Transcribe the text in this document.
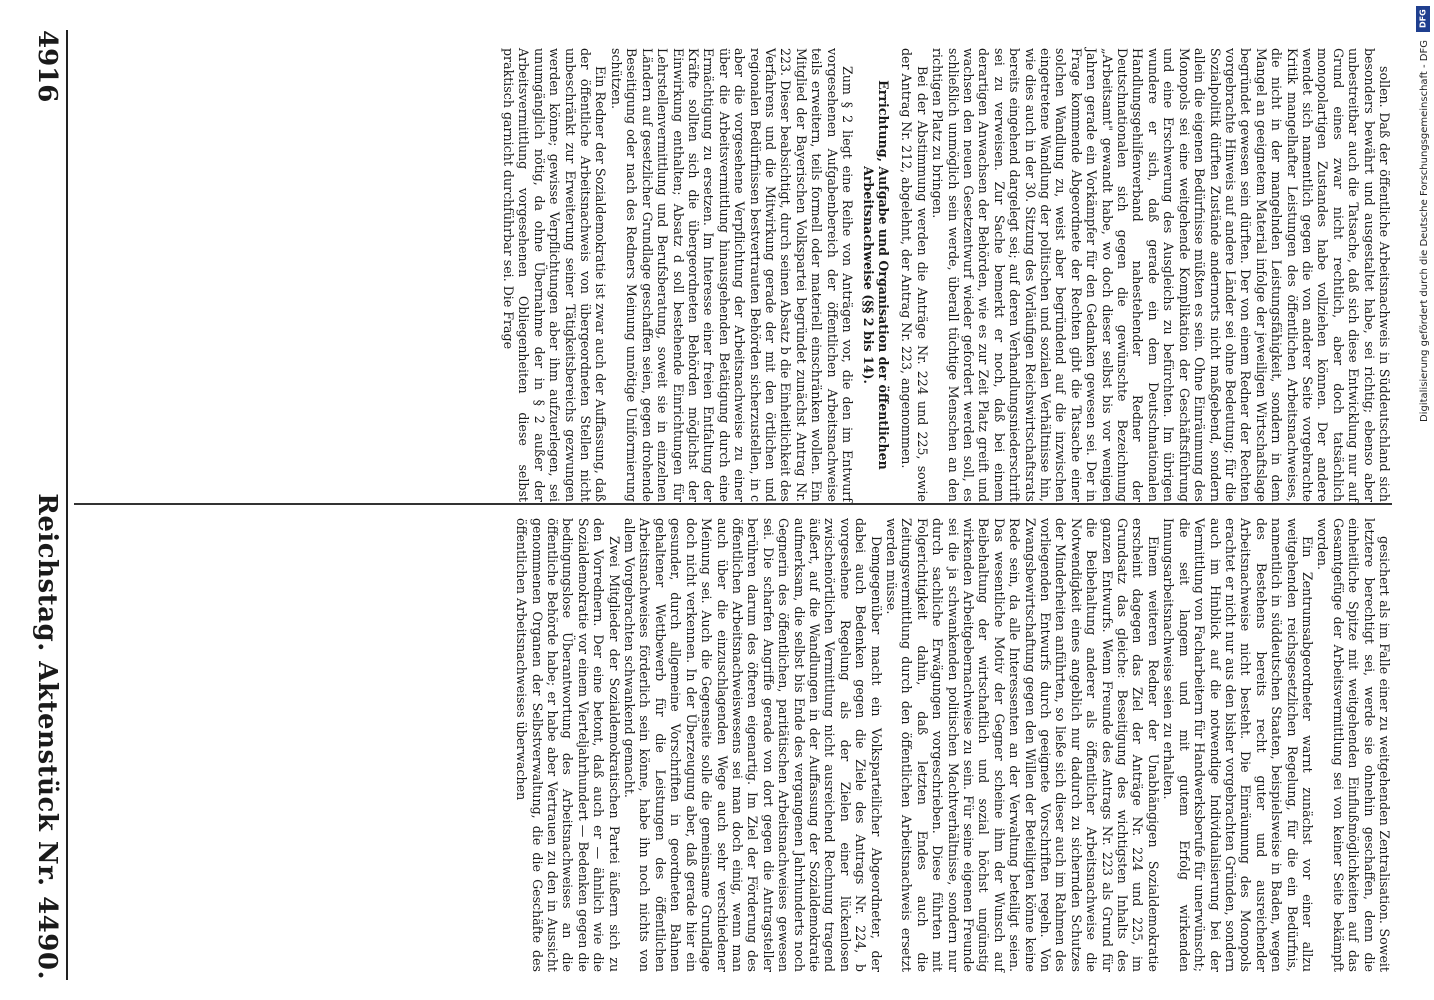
gesichert als im Falle einer zu weitgehenden Zentralisation. Soweit letztere berechtigt sei, werde sie ohnehin geschaffen, denn die einheitliche Spitze mit weitgehenden Einflußmöglichkeiten auf das Gesamtgefüge der Arbeitsvermittlung sei von keiner Seite bekämpft worden.

Ein Zentrumsabgeordneter warnt zunächst vor einer allzu weitgehenden reichsgesetzlichen Regelung, für die ein Bedürfnis, namentlich in süddeutschen Staaten, beispielsweise in Baden, wegen des Bestehens bereits recht guter und ausreichender Arbeitsnachweise nicht besteht. Die Einräumung des Monopols erachtet er nicht nur aus den bisher vorgebrachten Gründen, sondern auch im Hinblick auf die notwendige Individualisierung bei der Vermittlung von Facharbeitern für Handwerksberufe für unerwünscht; die seit langem und mit gutem Erfolg wirkenden Innungsarbeitsnachweise seien zu erhalten.

Einem weiteren Redner der Unabhängigen Sozialdemokratie erscheint dagegen das Ziel der Anträge Nr. 224 und 225, im Grundsatz das gleiche: Beseitigung des wichtigsten Inhalts des ganzen Entwurfs. Wenn Freunde des Antrags Nr. 223 als Grund für die Beibehaltung anderer als öffentlicher Arbeitsnachweise die Notwendigkeit eines angeblich nur dadurch zu sichernden Schutzes der Minderheiten anführten, so ließe sich dieser auch im Rahmen des vorliegenden Entwurfs durch geeignete Vorschriften regeln. Von Zwangsbewirtschaftung gegen den Willen der Beteiligten könne keine Rede sein, da alle Interessenten an der Verwaltung beteiligt seien. Das wesentliche Motiv der Gegner scheine ihm der Wunsch auf Beibehaltung der wirtschaftlich und sozial höchst ungünstig wirkenden Arbeitgebernachweise zu sein. Für seine eigenen Freunde sei die ja schwankenden politischen Machtverhältnisse, sondern nur durch sachliche Erwägungen vorgeschrieben. Diese führten mit Folgerichtigkeit dahin, daß letzten Endes auch die Zeitungsvermittlung durch den öffentlichen Arbeitsnachweis ersetzt werden müsse.

Demgegenüber macht ein Volksparteilicher Abgeordneter, der dabei auch Bedenken gegen die Ziele des Antrags Nr. 224, b vorgesehene Regelung als der Zielen einer lückenlosen zwischenörtlichen Vermittlung nicht ausreichend Rechnung tragend äußert, auf die Wandlungen in der Auffassung der Sozialdemokratie aufmerksam, die selbst bis Ende des vergangenen Jahrhunderts noch Gegnerin des öffentlichen, paritätischen Arbeitsnachweises gewesen sei. Die scharfen Angriffe gerade von dort gegen die Antragsteller berühren darum des öfteren eigenartig. Im Ziel der Förderung des öffentlichen Arbeitsnachweiswesens sei man doch einig, wenn man auch über die einzuschlagenden Wege auch sehr verschiedener Meinung sei. Auch die Gegenseite solle die gemeinsame Grundlage doch nicht verkennen. In der Überzeugung aber, daß gerade hier ein gesunder, durch allgemeine Vorschriften in geordneten Bahnen gehaltener Wettbewerb für die Leistungen des öffentlichen Arbeitsnachweises förderlich sein könne, habe ihn noch nichts von allem Vorgebrachten schwankend gemacht.

Zwei Mitglieder der Sozialdemokratischen Partei äußern sich zu den Vorrednern. Der eine betont, daß auch er — ähnlich wie die Sozialdemokratie vor einem Vierteljahrhundert — Bedenken gegen die bedingungslose Überantwortung des Arbeitsnachweises an die öffentliche Behörde habe; er habe aber Vertrauen zu den in Aussicht genommenen Organen der Selbstverwaltung, die die Geschäfte des öffentlichen Arbeitsnachweises überwachen

sollen. Daß der öffentliche Arbeitsnachweis in Süddeutschland sich besonders bewährt und ausgestaltet habe, sei richtig; ebenso aber unbestreitbar auch die Tatsache, daß sich diese Entwicklung nur auf Grund eines zwar nicht rechtlich, aber doch tatsächlich monopolartigen Zustandes habe vollziehen können. Der andere wendet sich namentlich gegen die von anderer Seite vorgebrachte Kritik mangelhafter Leistungen des öffentlichen Arbeitsnachweises, die nicht in der mangelnden Leistungsfähigkeit, sondern in dem Mangel an geeignetem Material infolge der jeweiligen Wirtschaftslage begründet gewesen sein dürften. Der von einem Redner der Rechten vorgebrachte Hinweis auf andere Länder sei ohne Bedeutung; für die Sozialpolitik dürften Zustände andernorts nicht maßgebend, sondern allein die eigenen Bedürfnisse müßten es sein. Ohne Einräumung des Monopols sei eine weitgehende Komplikation der Geschäftsführung und eine Erschwerung des Ausgleichs zu befürchten. Im übrigen wundere er sich, daß gerade ein dem Deutschnationalen Handlungsgehilfenverband nahestehender Redner der Deutschnationalen sich gegen die gewünschte Bezeichnung „Arbeitsamt" gewandt habe, wo doch dieser selbst bis vor wenigen Jahren gerade ein Vorkämpfer für den Gedanken gewesen sei. Der in Frage kommende Abgeordnete der Rechten gibt die Tatsache einer solchen Wandlung zu, weist aber begründend auf die inzwischen eingetretene Wandlung der politischen und sozialen Verhältnisse hin, wie dies auch in der 30. Sitzung des Vorläufigen Reichswirtschaftsrats bereits eingehend dargelegt sei; auf deren Verhandlungsniederschrift sei zu verweisen. Zur Sache bemerkt er noch, daß bei einem derartigen Anwachsen der Behörden, wie es zur Zeit Platz greift und wachsen den neuen Gesetzentwurf wieder gefordert werden soll, es schließlich unmöglich sein werde, überall tüchtige Menschen an den richtigen Platz zu bringen.

Bei der Abstimmung werden die Anträge Nr. 224 und 225, sowie der Antrag Nr. 212, abgelehnt, der Antrag Nr. 223, angenommen.

Errichtung, Aufgabe und Organisation der öffentlichen Arbeitsnachweise (§§ 2 bis 14).

Zum § 2 liegt eine Reihe von Anträgen vor, die den im Entwurf vorgesehenen Aufgabenbereich der öffentlichen Arbeitsnachweise teils erweitern, teils formell oder materiell einschränken wollen. Ein Mitglied der Bayerischen Volkspartei begründet zunächst Antrag Nr. 223. Dieser beabsichtigt, durch seinen Absatz b die Einheitlichkeit des Verfahrens und die Mitwirkung gerade der mit den örtlichen und regionalen Bedürfnissen bestvertrauten Behörden sicherzustellen, in c aber die vorgesehene Verpflichtung der Arbeitsnachweise zu einer über die Arbeitsvermittlung hinausgehenden Betätigung durch eine Ermächtigung zu ersetzen. Im Interesse einer freien Entfaltung der Kräfte sollten sich die übergeordneten Behörden möglichst der Einwirkung enthalten; Absatz d soll bestehende Einrichtungen für Lehrstellenvermittlung und Berufsberatung, soweit sie in einzelnen Ländern auf gesetzlicher Grundlage geschaffen seien, gegen drohende Beseitigung oder nach des Redners Meinung unnötige Uniformierung schützen.

Ein Redner der Sozialdemokratie ist zwar auch der Auffassung, daß der öffentliche Arbeitsnachweis von übergeordneten Stellen nicht unbeschränkt zur Erweiterung seiner Tätigkeitsbereichs gezwungen werden könne; gewisse Verpflichtungen aber ihm aufzuerlegen, sei unumgänglich nötig, da ohne Übernahme der in § 2 außer der Arbeitsvermittlung vorgesehenen Obliegenheiten diese selbst praktisch garnicht durchführbar sei. Die Frage

4916
Reichstag. Aktenstück Nr. 4490.
DFG
Digitalisierung gefördert durch die Deutsche Forschungsgemeinschaft - DFG
